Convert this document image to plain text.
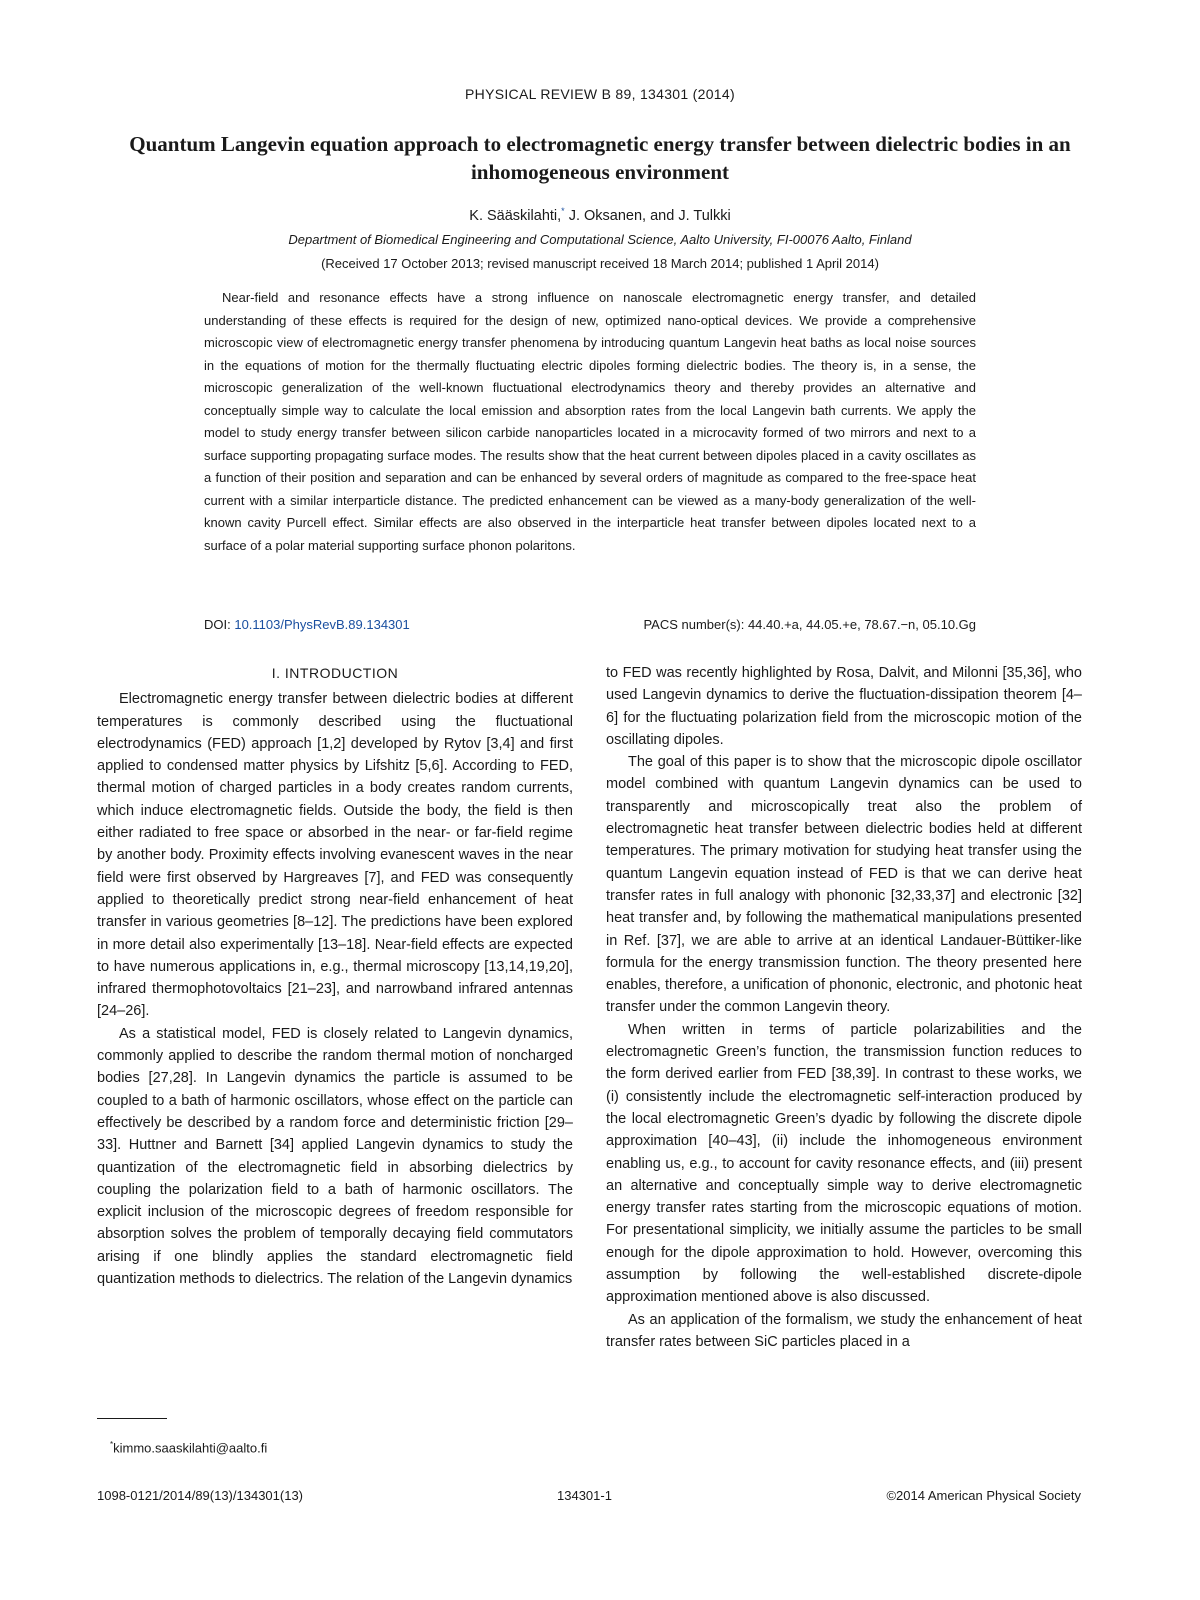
PHYSICAL REVIEW B 89, 134301 (2014)
Quantum Langevin equation approach to electromagnetic energy transfer between dielectric bodies in an inhomogeneous environment
K. Sääskilahti,* J. Oksanen, and J. Tulkki
Department of Biomedical Engineering and Computational Science, Aalto University, FI-00076 Aalto, Finland
(Received 17 October 2013; revised manuscript received 18 March 2014; published 1 April 2014)
Near-field and resonance effects have a strong influence on nanoscale electromagnetic energy transfer, and detailed understanding of these effects is required for the design of new, optimized nano-optical devices. We provide a comprehensive microscopic view of electromagnetic energy transfer phenomena by introducing quantum Langevin heat baths as local noise sources in the equations of motion for the thermally fluctuating electric dipoles forming dielectric bodies. The theory is, in a sense, the microscopic generalization of the well-known fluctuational electrodynamics theory and thereby provides an alternative and conceptually simple way to calculate the local emission and absorption rates from the local Langevin bath currents. We apply the model to study energy transfer between silicon carbide nanoparticles located in a microcavity formed of two mirrors and next to a surface supporting propagating surface modes. The results show that the heat current between dipoles placed in a cavity oscillates as a function of their position and separation and can be enhanced by several orders of magnitude as compared to the free-space heat current with a similar interparticle distance. The predicted enhancement can be viewed as a many-body generalization of the well-known cavity Purcell effect. Similar effects are also observed in the interparticle heat transfer between dipoles located next to a surface of a polar material supporting surface phonon polaritons.
DOI: 10.1103/PhysRevB.89.134301	PACS number(s): 44.40.+a, 44.05.+e, 78.67.−n, 05.10.Gg
I. INTRODUCTION

Electromagnetic energy transfer between dielectric bodies at different temperatures is commonly described using the fluctuational electrodynamics (FED) approach [1,2] developed by Rytov [3,4] and first applied to condensed matter physics by Lifshitz [5,6]. According to FED, thermal motion of charged particles in a body creates random currents, which induce electromagnetic fields. Outside the body, the field is then either radiated to free space or absorbed in the near- or far-field regime by another body. Proximity effects involving evanescent waves in the near field were first observed by Hargreaves [7], and FED was consequently applied to theoretically predict strong near-field enhancement of heat transfer in various geometries [8–12]. The predictions have been explored in more detail also experimentally [13–18]. Near-field effects are expected to have numerous applications in, e.g., thermal microscopy [13,14,19,20], infrared thermophotovoltaics [21–23], and narrowband infrared antennas [24–26].

As a statistical model, FED is closely related to Langevin dynamics, commonly applied to describe the random thermal motion of noncharged bodies [27,28]. In Langevin dynamics the particle is assumed to be coupled to a bath of harmonic oscillators, whose effect on the particle can effectively be described by a random force and deterministic friction [29–33]. Huttner and Barnett [34] applied Langevin dynamics to study the quantization of the electromagnetic field in absorbing dielectrics by coupling the polarization field to a bath of harmonic oscillators. The explicit inclusion of the microscopic degrees of freedom responsible for absorption solves the problem of temporally decaying field commutators arising if one blindly applies the standard electromagnetic field quantization methods to dielectrics. The relation of the Langevin dynamics

to FED was recently highlighted by Rosa, Dalvit, and Milonni [35,36], who used Langevin dynamics to derive the fluctuation-dissipation theorem [4–6] for the fluctuating polarization field from the microscopic motion of the oscillating dipoles.

The goal of this paper is to show that the microscopic dipole oscillator model combined with quantum Langevin dynamics can be used to transparently and microscopically treat also the problem of electromagnetic heat transfer between dielectric bodies held at different temperatures. The primary motivation for studying heat transfer using the quantum Langevin equation instead of FED is that we can derive heat transfer rates in full analogy with phononic [32,33,37] and electronic [32] heat transfer and, by following the mathematical manipulations presented in Ref. [37], we are able to arrive at an identical Landauer-Büttiker-like formula for the energy transmission function. The theory presented here enables, therefore, a unification of phononic, electronic, and photonic heat transfer under the common Langevin theory.

When written in terms of particle polarizabilities and the electromagnetic Green’s function, the transmission function reduces to the form derived earlier from FED [38,39]. In contrast to these works, we (i) consistently include the electromagnetic self-interaction produced by the local electromagnetic Green’s dyadic by following the discrete dipole approximation [40–43], (ii) include the inhomogeneous environment enabling us, e.g., to account for cavity resonance effects, and (iii) present an alternative and conceptually simple way to derive electromagnetic energy transfer rates starting from the microscopic equations of motion. For presentational simplicity, we initially assume the particles to be small enough for the dipole approximation to hold. However, overcoming this assumption by following the well-established discrete-dipole approximation mentioned above is also discussed.

As an application of the formalism, we study the enhancement of heat transfer rates between SiC particles placed in a

*kimmo.saaskilahti@aalto.fi
1098-0121/2014/89(13)/134301(13)	134301-1	©2014 American Physical Society
